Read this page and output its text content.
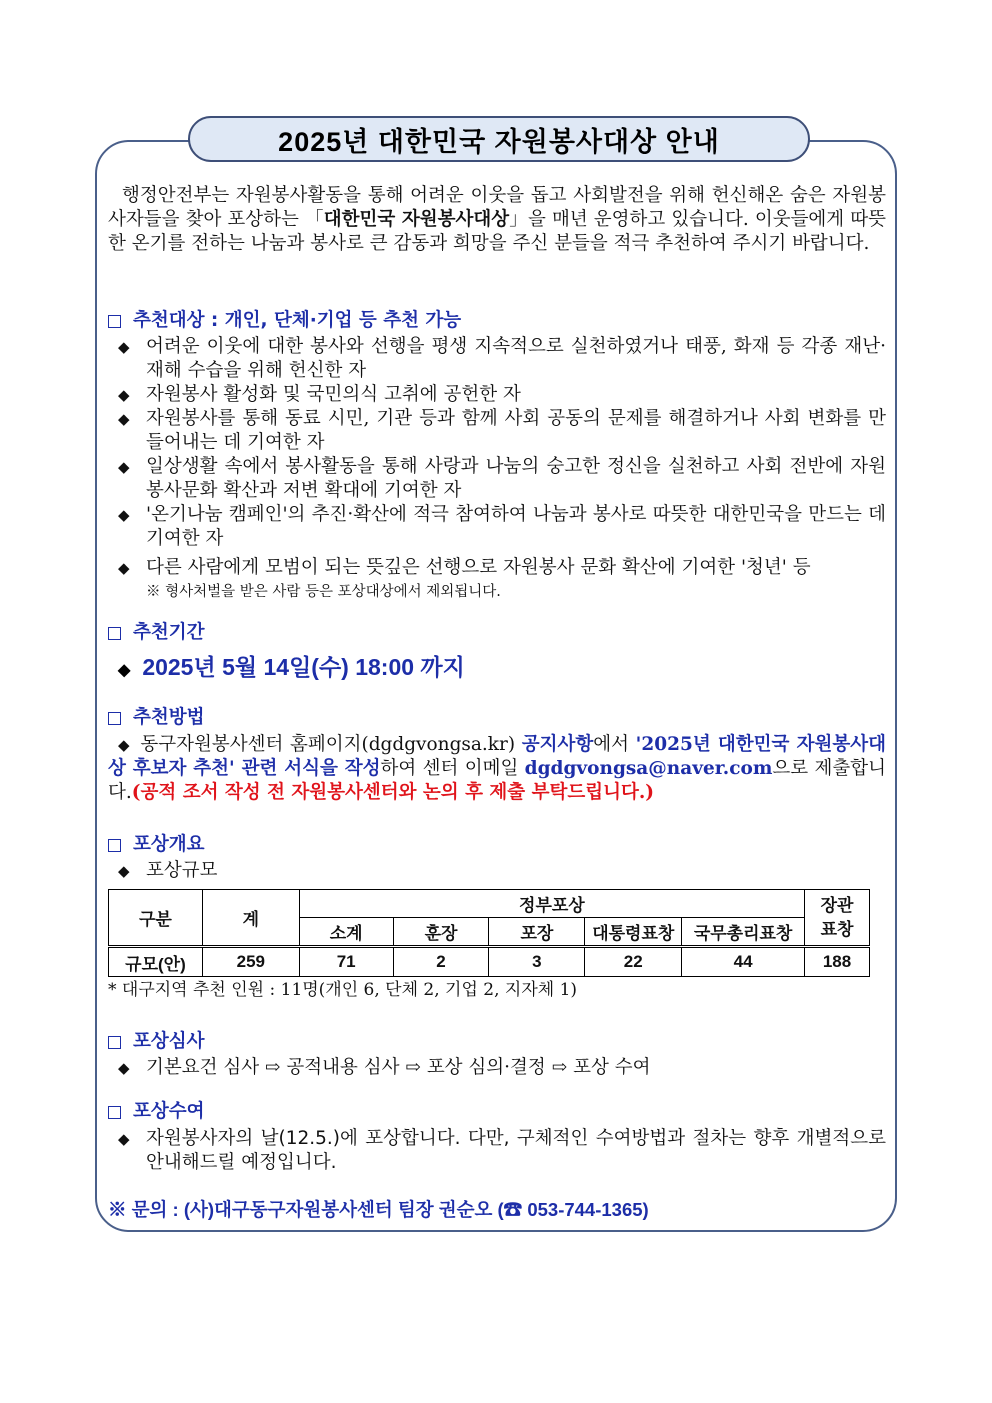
2025년 대한민국 자원봉사대상 안내
행정안전부는 자원봉사활동을 통해 어려운 이웃을 돕고 사회발전을 위해 헌신해온 숨은 자원봉사자들을 찾아 포상하는 「대한민국 자원봉사대상」을 매년 운영하고 있습니다. 이웃들에게 따뜻한 온기를 전하는 나눔과 봉사로 큰 감동과 희망을 주신 분들을 적극 추천하여 주시기 바랍니다.
추천대상 : 개인, 단체·기업 등 추천 가능
◆ 어려운 이웃에 대한 봉사와 선행을 평생 지속적으로 실천하였거나 태풍, 화재 등 각종 재난·재해 수습을 위해 헌신한 자
◆ 자원봉사 활성화 및 국민의식 고취에 공헌한 자
◆ 자원봉사를 통해 동료 시민, 기관 등과 함께 사회 공동의 문제를 해결하거나 사회 변화를 만들어내는 데 기여한 자
◆ 일상생활 속에서 봉사활동을 통해 사랑과 나눔의 숭고한 정신을 실천하고 사회 전반에 자원봉사문화 확산과 저변 확대에 기여한 자
◆ '온기나눔 캠페인'의 추진·확산에 적극 참여하여 나눔과 봉사로 따뜻한 대한민국을 만드는 데 기여한 자
◆ 다른 사람에게 모범이 되는 뜻깊은 선행으로 자원봉사 문화 확산에 기여한 '청년' 등
※ 형사처벌을 받은 사람 등은 포상대상에서 제외됩니다.
추천기간
◆ 2025년 5월 14일(수) 18:00 까지
추천방법
◆ 동구자원봉사센터 홈페이지(dgdgvongsa.kr) 공지사항에서 '2025년 대한민국 자원봉사대상 후보자 추천' 관련 서식을 작성하여 센터 이메일 dgdgvongsa@naver.com으로 제출합니다.(공적 조서 작성 전 자원봉사센터와 논의 후 제출 부탁드립니다.)
포상개요
◆ 포상규모
구분	계	정부포상					장관
표창
		소계	훈장	포장	대통령표창	국무총리표창	
규모(안)	259	71	2	3	22	44	188
* 대구지역 추천 인원 : 11명(개인 6, 단체 2, 기업 2, 지자체 1)
포상심사
◆ 기본요건 심사 ⇨ 공적내용 심사 ⇨ 포상 심의·결정 ⇨ 포상 수여
포상수여
◆ 자원봉사자의 날(12.5.)에 포상합니다. 다만, 구체적인 수여방법과 절차는 향후 개별적으로 안내해드릴 예정입니다.
※ 문의 : (사)대구동구자원봉사센터 팀장 권순오 (☎ 053-744-1365)
